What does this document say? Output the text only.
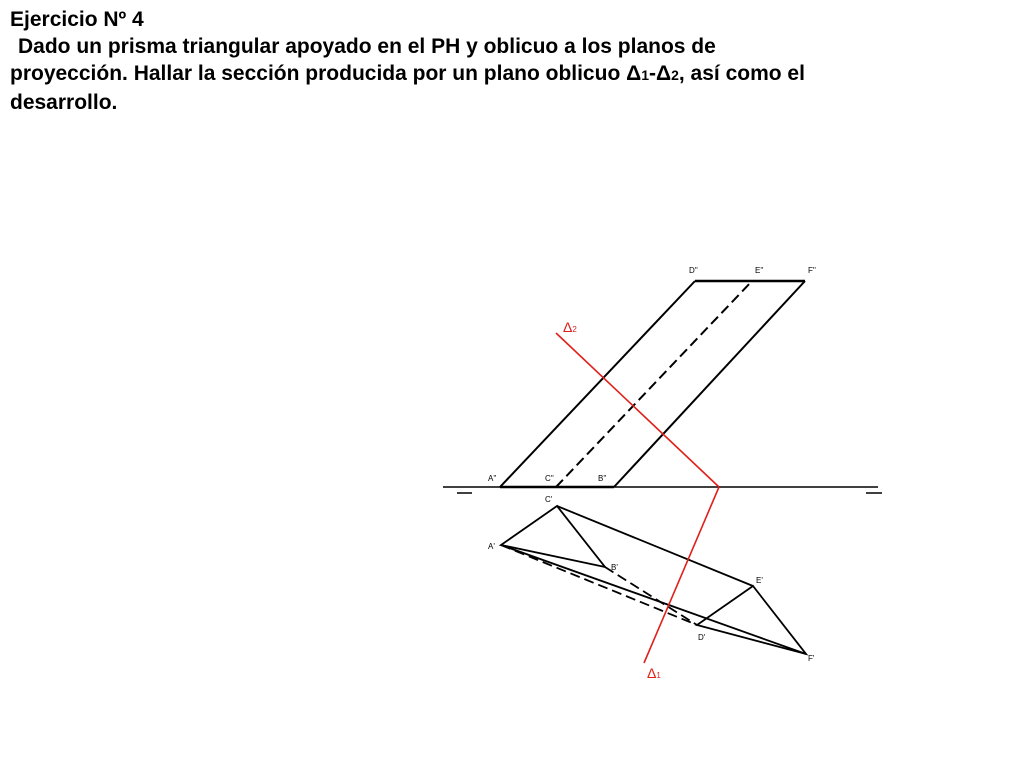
Ejercicio Nº 4
Dado un prisma triangular apoyado en el PH y oblicuo a los planos de
proyección. Hallar la sección producida por un plano oblicuo Δ1-Δ2, así como el
desarrollo.
A''	C''	B''
D''	E''	F''
C'
A'
B'
E'
D'
F'
Δ2
Δ1
